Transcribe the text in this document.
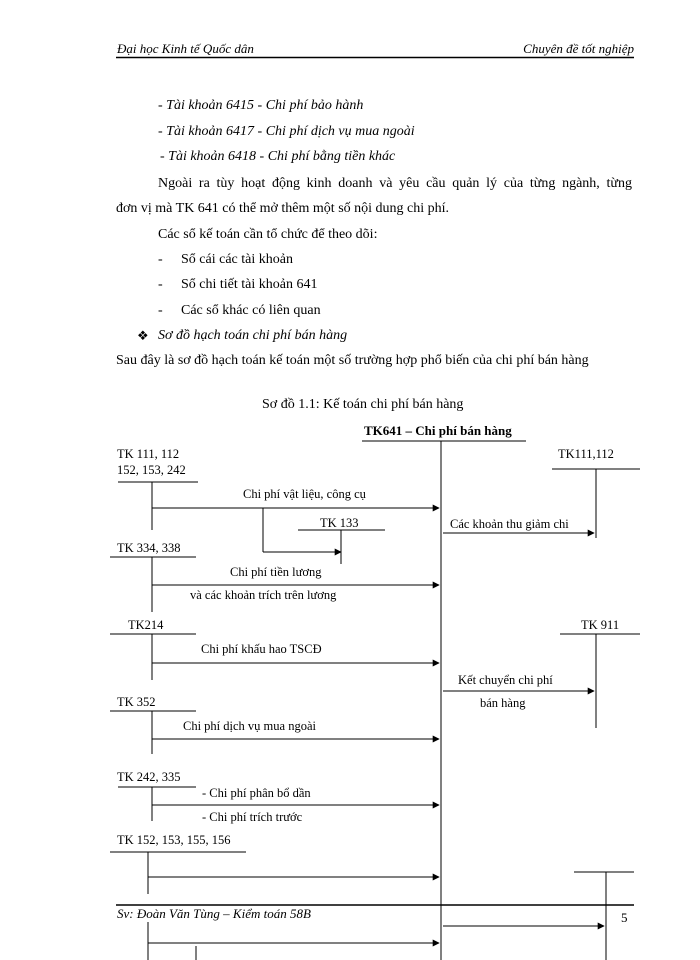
Đại học Kinh tế Quốc dân	Chuyên đề tốt nghiệp
- Tài khoản 6415 - Chi phí bảo hành
- Tài khoản 6417 - Chi phí dịch vụ mua ngoài
- Tài khoản 6418 - Chi phí bằng tiền khác
Ngoài ra tùy hoạt động kinh doanh và yêu cầu quản lý của từng ngành, từng
đơn vị mà TK 641 có thể mở thêm một số nội dung chi phí.
Các sổ kế toán cần tổ chức để theo dõi:
- Sổ cái các tài khoản
- Sổ chi tiết tài khoản 641
- Các sổ khác có liên quan
❖ Sơ đồ hạch toán chi phí bán hàng
Sau đây là sơ đồ hạch toán kế toán một số trường hợp phổ biến của chi phí bán hàng
Sơ đồ 1.1: Kế toán chi phí bán hàng
TK641 – Chi phí bán hàng
TK 111, 112
152, 153, 242
TK 133
TK 334, 338
TK214
TK 352
TK 242, 335
TK 152, 153, 155, 156
TK111,112
TK 911
Chi phí vật liệu, công cụ
Chi phí tiền lương
và các khoản trích trên lương
Chi phí khấu hao TSCĐ
Chi phí dịch vụ mua ngoài
- Chi phí phân bổ dần
- Chi phí trích trước
Các khoản thu giảm chi
Kết chuyển chi phí
bán hàng
Sv: Đoàn Văn Tùng – Kiểm toán 58B	5
